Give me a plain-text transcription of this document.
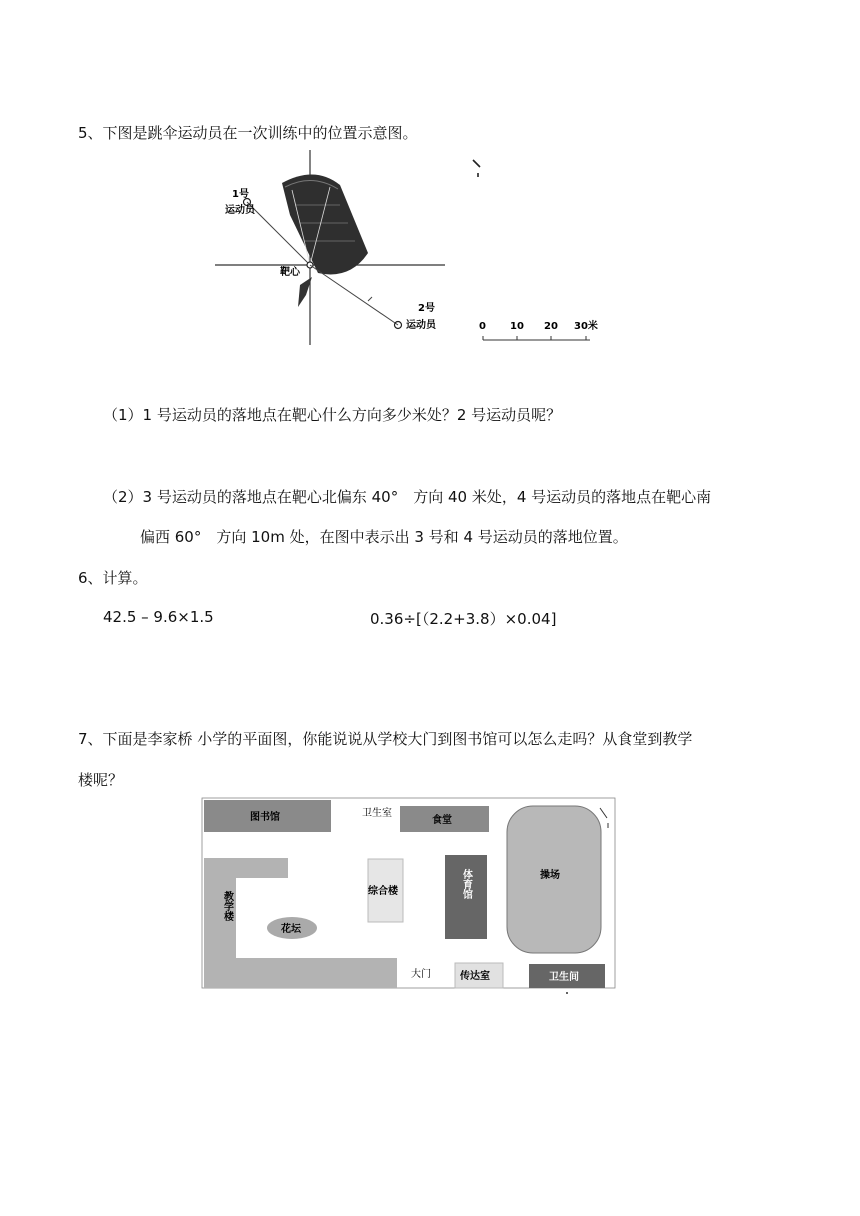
5、下图是跳伞运动员在一次训练中的位置示意图。
1号
运动员
靶心
2号
运动员	0 10 20 30米
（1）1 号运动员的落地点在靶心什么方向多少米处？2 号运动员呢？
（2）3 号运动员的落地点在靶心北偏东 40°　方向 40 米处，4 号运动员的落地点在靶心南
偏西 60°　方向 10m 处，在图中表示出 3 号和 4 号运动员的落地位置。
6、计算。
42.5 – 9.6×1.5	0.36÷[（2.2+3.8）×0.04]
7、下面是李家桥 小学的平面图，你能说说从学校大门到图书馆可以怎么走吗？从食堂到教学
楼呢？
图书馆	卫生室
食堂
操场
综合楼	体育馆
教学楼
花坛
大门	传达室	卫生间
